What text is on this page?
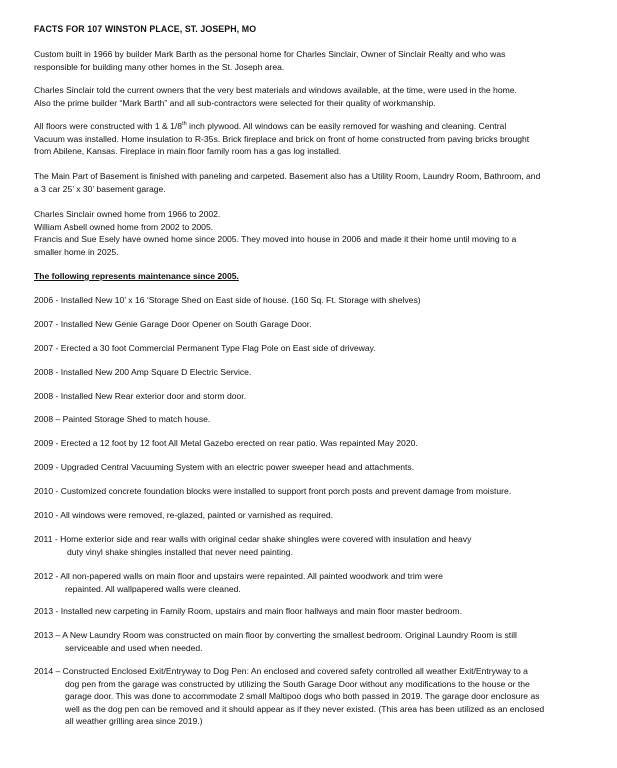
FACTS FOR 107 WINSTON PLACE, ST. JOSEPH, MO
Custom built in 1966 by builder Mark Barth as the personal home for Charles Sinclair, Owner of Sinclair Realty and who was
responsible for building many other homes in the St. Joseph area.
Charles Sinclair told the current owners that the very best materials and windows available, at the time, were used in the home.
Also the prime builder “Mark Barth” and all sub-contractors were selected for their quality of workmanship.
All floors were constructed with 1 & 1/8th inch plywood. All windows can be easily removed for washing and cleaning. Central
Vacuum was installed. Home insulation to R-35s. Brick fireplace and brick on front of home constructed from paving bricks brought
from Abilene, Kansas. Fireplace in main floor family room has a gas log installed.
The Main Part of Basement is finished with paneling and carpeted. Basement also has a Utility Room, Laundry Room, Bathroom, and
a 3 car 25’ x 30’ basement garage.
Charles Sinclair owned home from 1966 to 2002.
William Asbell owned home from 2002 to 2005.
Francis and Sue Esely have owned home since 2005. They moved into house in 2006 and made it their home until moving to a
smaller home in 2025.
The following represents maintenance since 2005.
2006 - Installed New 10’ x 16 ‘Storage Shed on East side of house. (160 Sq. Ft. Storage with shelves)
2007 - Installed New Genie Garage Door Opener on South Garage Door.
2007 - Erected a 30 foot Commercial Permanent Type Flag Pole on East side of driveway.
2008 - Installed New 200 Amp Square D Electric Service.
2008 - Installed New Rear exterior door and storm door.
2008 – Painted Storage Shed to match house.
2009 - Erected a 12 foot by 12 foot All Metal Gazebo erected on rear patio. Was repainted May 2020.
2009 - Upgraded Central Vacuuming System with an electric power sweeper head and attachments.
2010 - Customized concrete foundation blocks were installed to support front porch posts and prevent damage from moisture.
2010 - All windows were removed, re-glazed, painted or varnished as required.
2011 - Home exterior side and rear walls with original cedar shake shingles were covered with insulation and heavy
duty vinyl shake shingles installed that never need painting.
2012 - All non-papered walls on main floor and upstairs were repainted. All painted woodwork and trim were
repainted. All wallpapered walls were cleaned.
2013 - Installed new carpeting in Family Room, upstairs and main floor hallways and main floor master bedroom.
2013 – A New Laundry Room was constructed on main floor by converting the smallest bedroom. Original Laundry Room is still
serviceable and used when needed.
2014 – Constructed Enclosed Exit/Entryway to Dog Pen: An enclosed and covered safety controlled all weather Exit/Entryway to a
dog pen from the garage was constructed by utilizing the South Garage Door without any modifications to the house or the
garage door. This was done to accommodate 2 small Maltipoo dogs who both passed in 2019. The garage door enclosure as
well as the dog pen can be removed and it should appear as if they never existed. (This area has been utilized as an enclosed
all weather grilling area since 2019.)
